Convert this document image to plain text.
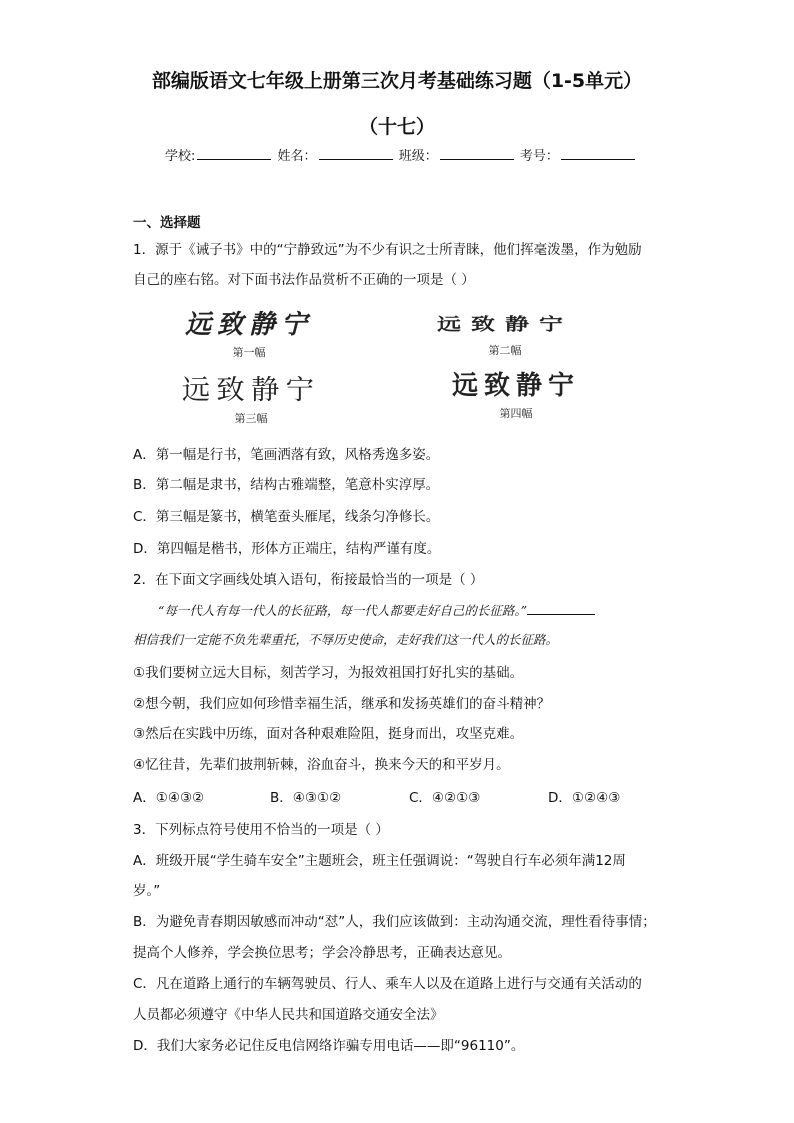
部编版语文七年级上册第三次月考基础练习题（1-5单元）
（十七）
学校:	姓名：	班级：	考号：
一、选择题
1．源于《诫子书》中的“宁静致远”为不少有识之士所青睐，他们挥毫泼墨，作为勉励
自己的座右铭。对下面书法作品赏析不正确的一项是（ ）
远致静宁
第一幅
远致静宁
第二幅
远致静宁
第三幅
远致静宁
第四幅
A．第一幅是行书，笔画洒落有致，风格秀逸多姿。
B．第二幅是隶书，结构古雅端整，笔意朴实淳厚。
C．第三幅是篆书，横笔蚕头雁尾，线条匀净修长。
D．第四幅是楷书，形体方正端庄，结构严谨有度。
2．在下面文字画线处填入语句，衔接最恰当的一项是（ ）
“每一代人有每一代人的长征路，每一代人都要走好自己的长征路。”
相信我们一定能不负先辈重托，不辱历史使命，走好我们这一代人的长征路。
①我们要树立远大目标，刻苦学习，为报效祖国打好扎实的基础。
②想今朝，我们应如何珍惜幸福生活，继承和发扬英雄们的奋斗精神？
③然后在实践中历练，面对各种艰难险阻，挺身而出，攻坚克难。
④忆往昔，先辈们披荆斩棘，浴血奋斗，换来今天的和平岁月。
A．①④③②	B．④③①②	C．④②①③	D．①②④③
3．下列标点符号使用不恰当的一项是（ ）
A．班级开展“学生骑车安全”主题班会，班主任强调说：“驾驶自行车必须年满12周
岁。”
B．为避免青春期因敏感而冲动“怼”人，我们应该做到：主动沟通交流，理性看待事情；
提高个人修养，学会换位思考；学会冷静思考，正确表达意见。
C．凡在道路上通行的车辆驾驶员、行人、乘车人以及在道路上进行与交通有关活动的
人员都必须遵守《中华人民共和国道路交通安全法》
D．我们大家务必记住反电信网络诈骗专用电话——即“96110”。
